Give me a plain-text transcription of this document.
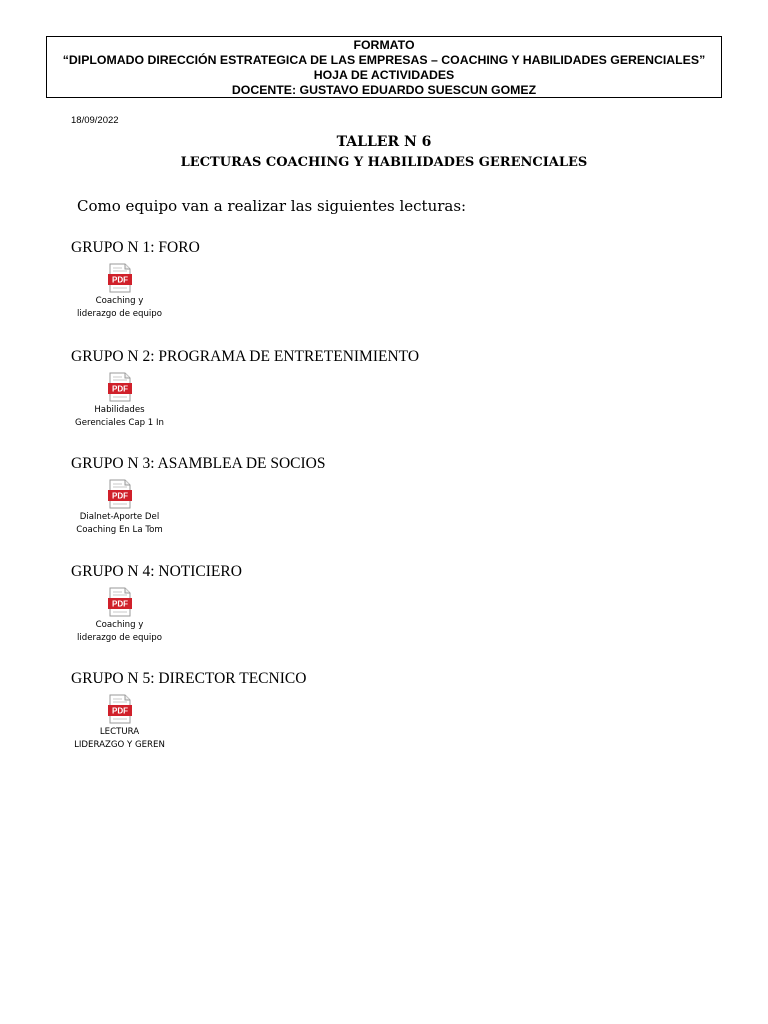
FORMATO
“DIPLOMADO DIRECCIÓN ESTRATEGICA DE LAS EMPRESAS – COACHING Y HABILIDADES GERENCIALES”
HOJA DE ACTIVIDADES
DOCENTE: GUSTAVO EDUARDO SUESCUN GOMEZ
18/09/2022
TALLER N 6
LECTURAS COACHING Y HABILIDADES GERENCIALES
Como equipo van a realizar las siguientes lecturas:
GRUPO N 1: FORO
PDF
Coaching y
liderazgo de equipo
GRUPO N 2: PROGRAMA DE ENTRETENIMIENTO
PDF
Habilidades
Gerenciales Cap 1 In
GRUPO N 3: ASAMBLEA DE SOCIOS
PDF
Dialnet-Aporte Del
Coaching En La Tom
GRUPO N 4: NOTICIERO
PDF
Coaching y
liderazgo de equipo
GRUPO N 5: DIRECTOR TECNICO
PDF
LECTURA
LIDERAZGO Y GEREN
